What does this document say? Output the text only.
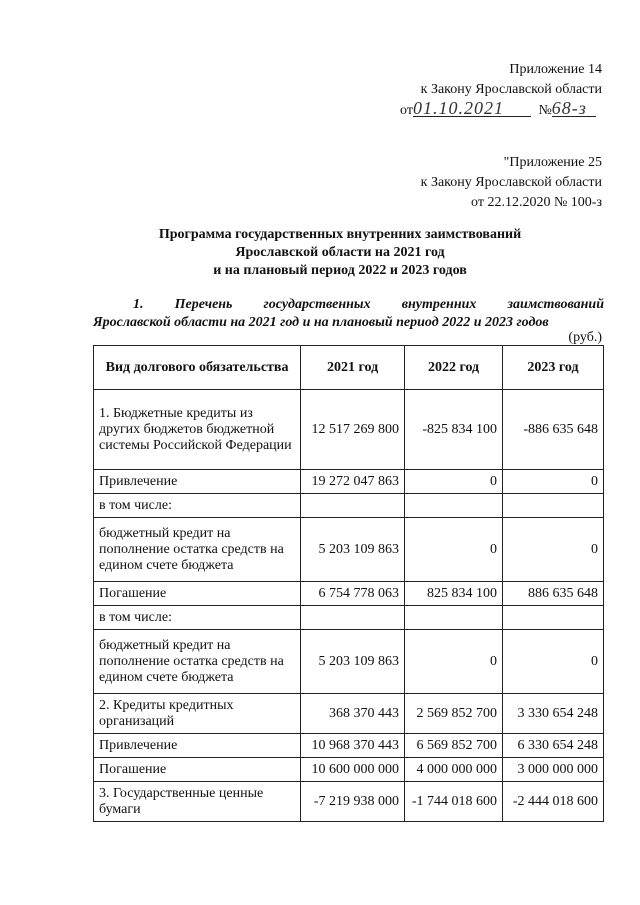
Приложение 14
к Закону Ярославской области
от01.10.2021 №68-з
"Приложение 25
к Закону Ярославской области
от 22.12.2020 № 100-з
Программа государственных внутренних заимствований
Ярославской области на 2021 год
и на плановый период 2022 и 2023 годов
1. Перечень государственных внутренних заимствований
Ярославской области на 2021 год и на плановый период 2022 и 2023 годов
(руб.)
Вид долгового обязательства	2021 год	2022 год	2023 год
1. Бюджетные кредиты из других бюджетов бюджетной системы Российской Федерации	12 517 269 800	-825 834 100	-886 635 648
Привлечение	19 272 047 863	0	0
в том числе:			
бюджетный кредит на пополнение остатка средств на едином счете бюджета	5 203 109 863	0	0
Погашение	6 754 778 063	825 834 100	886 635 648
в том числе:			
бюджетный кредит на пополнение остатка средств на едином счете бюджета	5 203 109 863	0	0
2. Кредиты кредитных организаций	368 370 443	2 569 852 700	3 330 654 248
Привлечение	10 968 370 443	6 569 852 700	6 330 654 248
Погашение	10 600 000 000	4 000 000 000	3 000 000 000
3. Государственные ценные бумаги	-7 219 938 000	-1 744 018 600	-2 444 018 600
